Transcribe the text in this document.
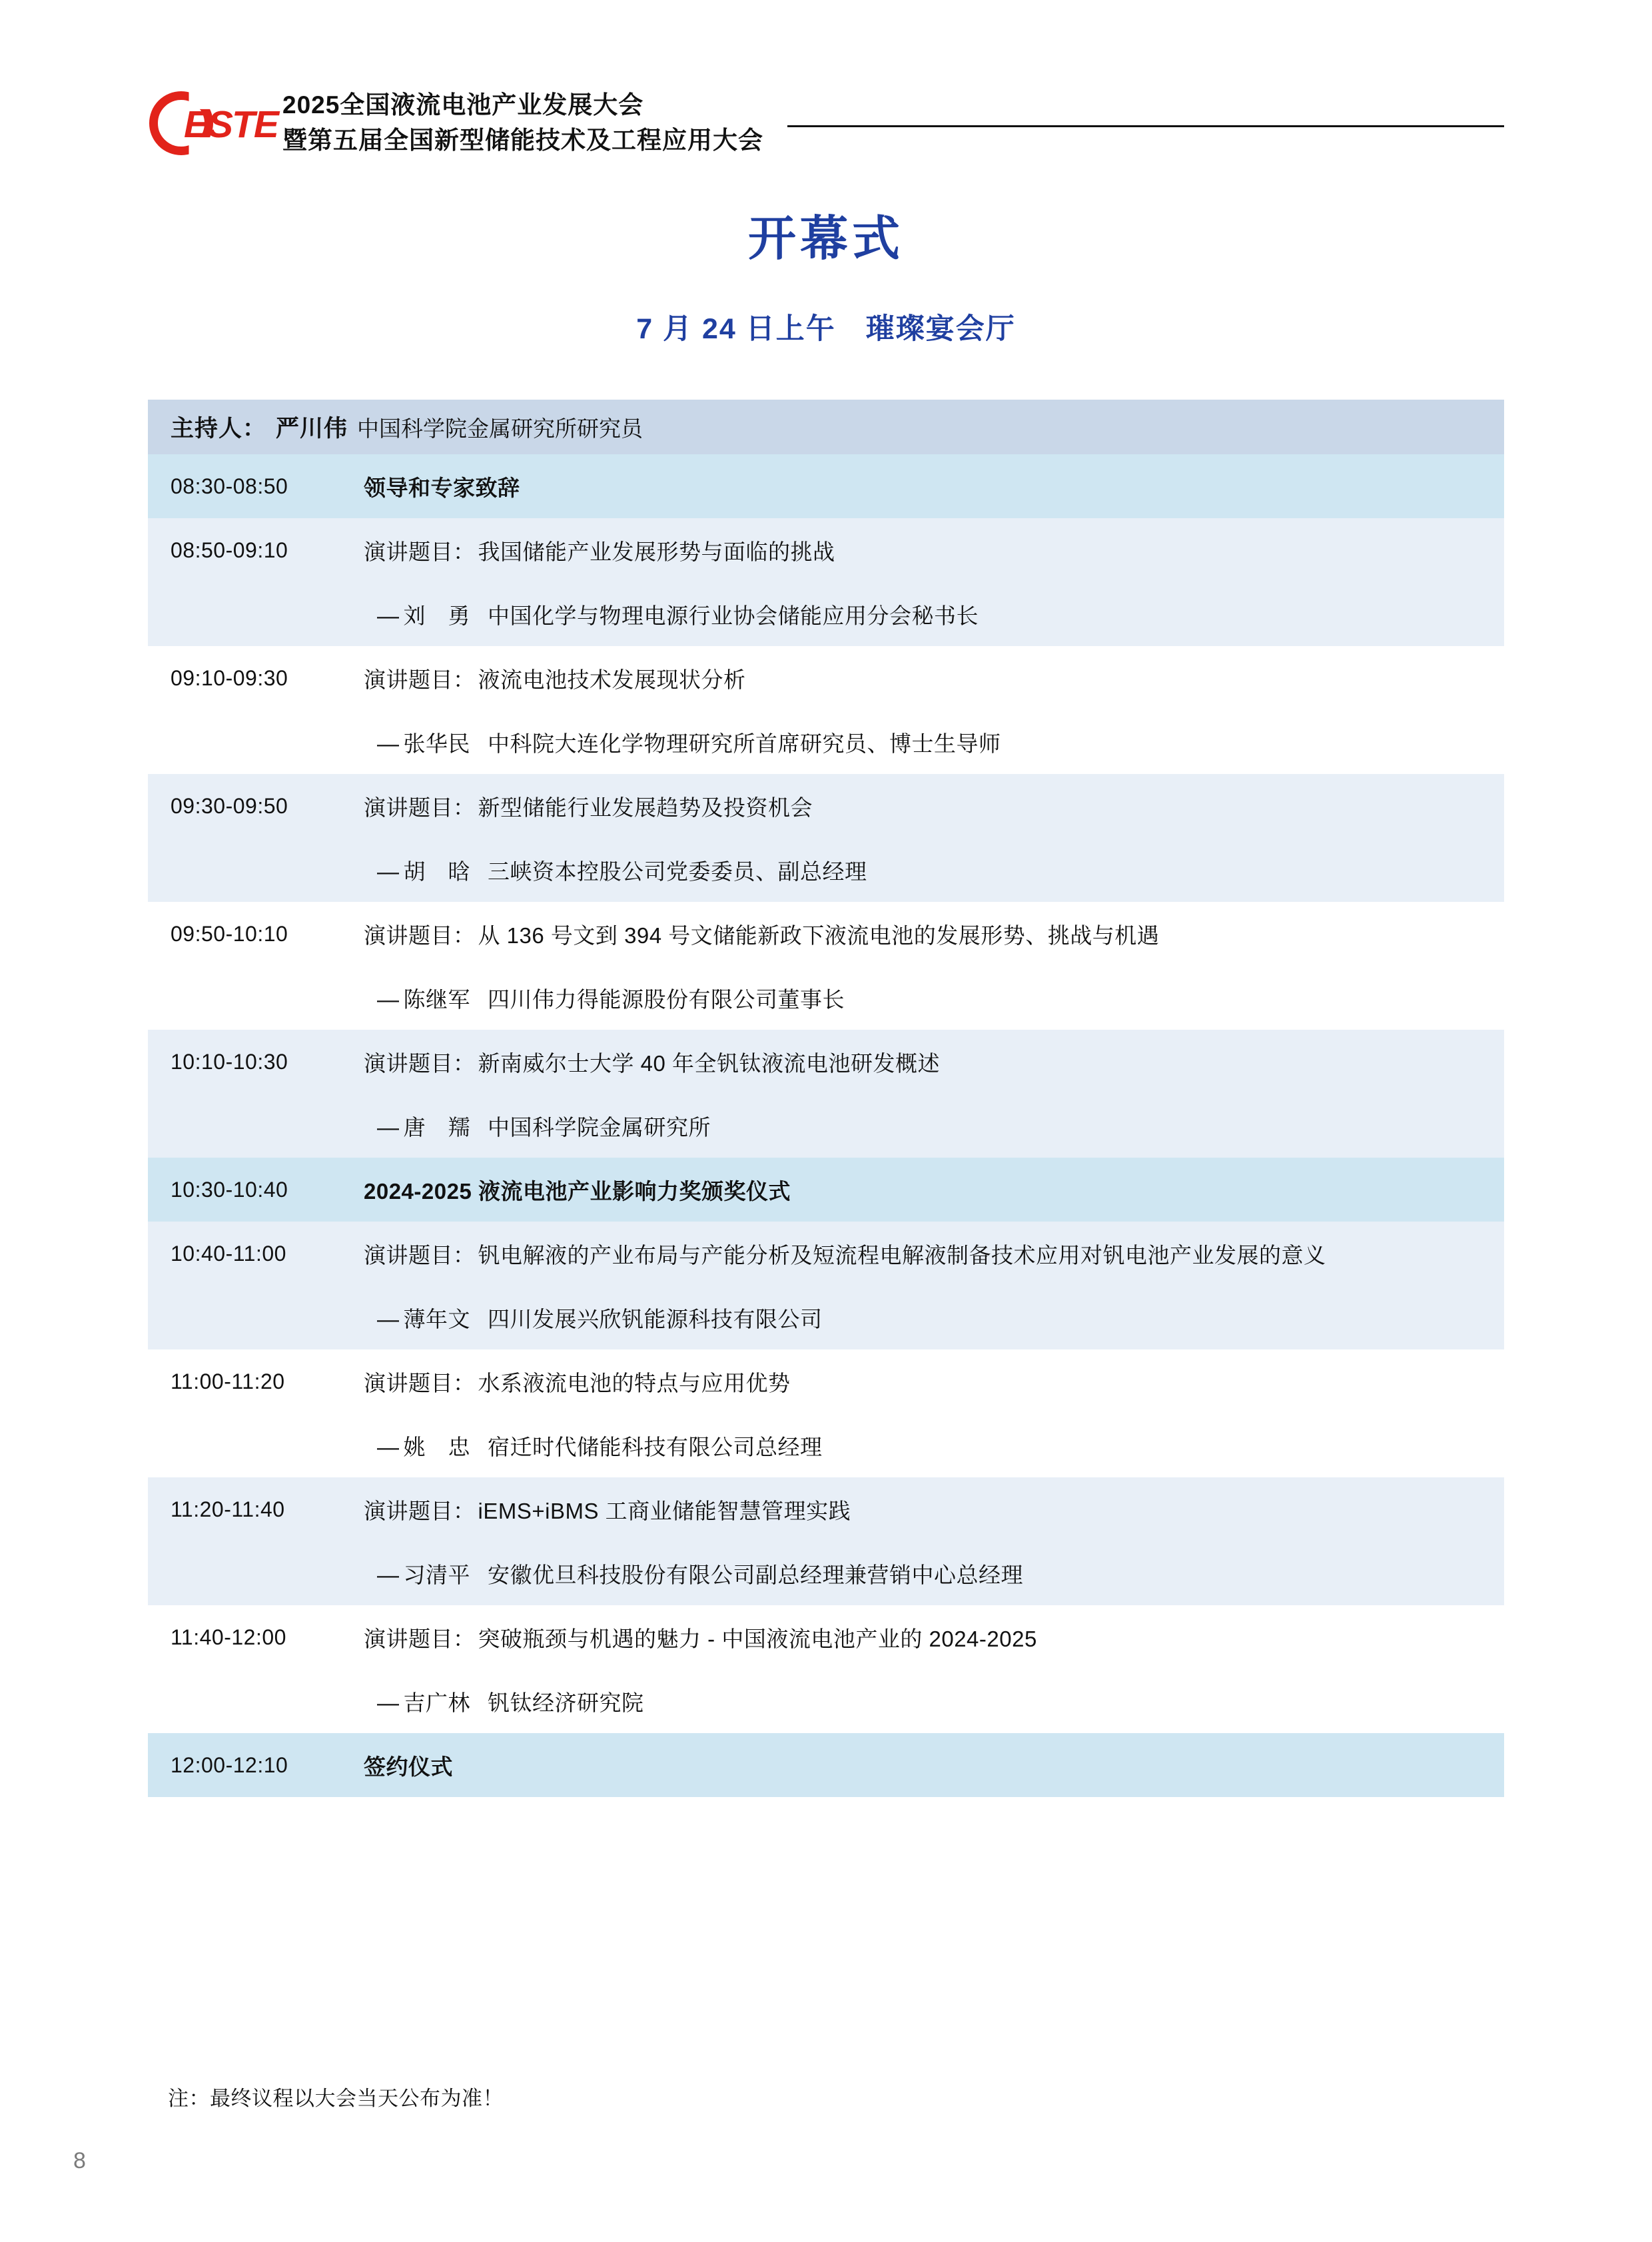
ESTE 2025全国液流电池产业发展大会
暨第五届全国新型储能技术及工程应用大会
开幕式
7 月 24 日上午　璀璨宴会厅
主持人： 严川伟 中国科学院金属研究所研究员
08:30-08:50	领导和专家致辞
08:50-09:10	演讲题目： 我国储能产业发展形势与面临的挑战
— 刘　勇 中国化学与物理电源行业协会储能应用分会秘书长
09:10-09:30	演讲题目： 液流电池技术发展现状分析
— 张华民 中科院大连化学物理研究所首席研究员、博士生导师
09:30-09:50	演讲题目： 新型储能行业发展趋势及投资机会
— 胡　晗 三峡资本控股公司党委委员、副总经理
09:50-10:10	演讲题目： 从 136 号文到 394 号文储能新政下液流电池的发展形势、挑战与机遇
— 陈继军 四川伟力得能源股份有限公司董事长
10:10-10:30	演讲题目： 新南威尔士大学 40 年全钒钛液流电池研发概述
— 唐　羺 中国科学院金属研究所
10:30-10:40	2024-2025 液流电池产业影响力奖颁奖仪式
10:40-11:00	演讲题目： 钒电解液的产业布局与产能分析及短流程电解液制备技术应用对钒电池产业发展的意义
— 薄年文 四川发展兴欣钒能源科技有限公司
11:00-11:20	演讲题目： 水系液流电池的特点与应用优势
— 姚　忠 宿迁时代储能科技有限公司总经理
11:20-11:40	演讲题目： iEMS+iBMS 工商业储能智慧管理实践
— 习清平 安徽优旦科技股份有限公司副总经理兼营销中心总经理
11:40-12:00	演讲题目： 突破瓶颈与机遇的魅力 - 中国液流电池产业的 2024-2025
— 吉广林 钒钛经济研究院
12:00-12:10	签约仪式
注：最终议程以大会当天公布为准！
8
